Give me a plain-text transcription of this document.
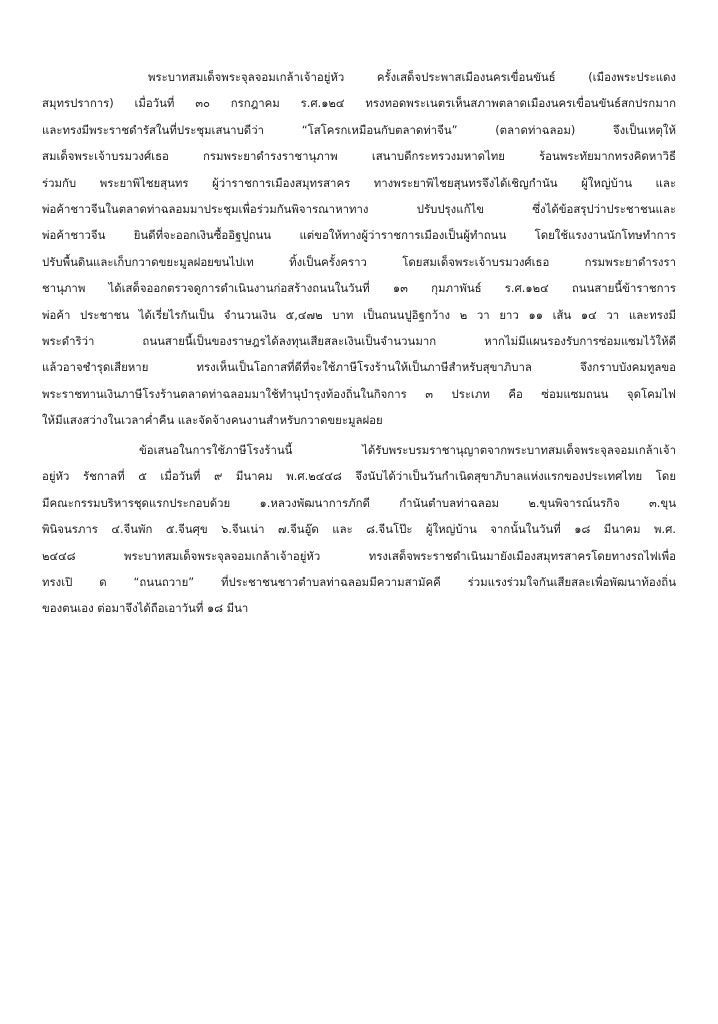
พระบาทสมเด็จพระจุลจอมเกล้าเจ้าอยู่หัว ครั้งเสด็จประพาสเมืองนครเขื่อนขันธ์ (เมืองพระประแดง
สมุทรปราการ) เมื่อวันที่ ๓๐ กรกฎาคม ร.ศ.๑๒๔ ทรงทอดพระเนตรเห็นสภาพตลาดเมืองนครเขื่อนขันธ์สกปรกมาก
และทรงมีพระราชดำรัสในที่ประชุมเสนาบดีว่า “โสโครกเหมือนกับตลาดท่าจีน” (ตลาดท่าฉลอม) จึงเป็นเหตุให้
สมเด็จพระเจ้าบรมวงศ์เธอ กรมพระยาดำรงราชานุภาพ เสนาบดีกระทรวงมหาดไทย ร้อนพระทัยมากทรงคิดหาวิธี
ร่วมกับ พระยาพิไชยสุนทร ผู้ว่าราชการเมืองสมุทรสาคร ทางพระยาพิไชยสุนทรจึงได้เชิญกำนัน ผู้ใหญ่บ้าน และ
พ่อค้าชาวจีนในตลาดท่าฉลอมมาประชุมเพื่อร่วมกันพิจารณาหาทาง ปรับปรุงแก้ไข ซึ่งได้ข้อสรุปว่าประชาชนและ
พ่อค้าชาวจีน ยินดีที่จะออกเงินซื้ออิฐปูถนน แต่ขอให้ทางผู้ว่าราชการเมืองเป็นผู้ทำถนน โดยใช้แรงงานนักโทษทำการ
ปรับพื้นดินและเก็บกวาดขยะมูลฝอยขนไปเท ทิ้งเป็นครั้งคราว โดยสมเด็จพระเจ้าบรมวงศ์เธอ กรมพระยาดำรงรา
ชานุภาพ ได้เสด็จออกตรวจดูการดำเนินงานก่อสร้างถนนในวันที่ ๑๓ กุมภาพันธ์ ร.ศ.๑๒๔ ถนนสายนี้ข้าราชการ
พ่อค้า ประชาชน ได้เรี่ยไรกันเป็น จำนวนเงิน ๕,๔๗๒ บาท เป็นถนนปูอิฐกว้าง ๒ วา ยาว ๑๑ เส้น ๑๔ วา และทรงมี
พระดำริว่า ถนนสายนี้เป็นของราษฎรได้ลงทุนเสียสละเงินเป็นจำนวนมาก หากไม่มีแผนรองรับการซ่อมแซมไว้ให้ดี
แล้วอาจชำรุดเสียหาย ทรงเห็นเป็นโอกาสที่ดีที่จะใช้ภาษีโรงร้านให้เป็นภาษีสำหรับสุขาภิบาล จึงกราบบังคมทูลขอ
พระราชทานเงินภาษีโรงร้านตลาดท่าฉลอมมาใช้ทำนุบำรุงท้องถิ่นในกิจการ ๓ ประเภท คือ ซ่อมแซมถนน จุดโคมไฟ
ให้มีแสงสว่างในเวลาค่ำคืน และจัดจ้างคนงานสำหรับกวาดขยะมูลฝอย
ข้อเสนอในการใช้ภาษีโรงร้านนี้ ได้รับพระบรมราชานุญาตจากพระบาทสมเด็จพระจุลจอมเกล้าเจ้า
อยู่หัว รัชกาลที่ ๕ เมื่อวันที่ ๙ มีนาคม พ.ศ.๒๔๔๘ จึงนับได้ว่าเป็นวันกำเนิดสุขาภิบาลแห่งแรกของประเทศไทย โดย
มีคณะกรรมบริหารชุดแรกประกอบด้วย ๑.หลวงพัฒนาการภักดี กำนันตำบลท่าฉลอม ๒.ขุนพิจารณ์นรกิจ ๓.ขุน
พินิจนรภาร ๔.จีนพัก ๕.จีนศุข ๖.จีนเน่า ๗.จีนอู๊ด และ ๘.จีนโป๊ะ ผู้ใหญ่บ้าน จากนั้นในวันที่ ๑๘ มีนาคม พ.ศ.
๒๔๔๘ พระบาทสมเด็จพระจุลจอมเกล้าเจ้าอยู่หัว ทรงเสด็จพระราชดำเนินมายังเมืองสมุทรสาครโดยทางรถไฟเพื่อ
ทรงเปิ ด “ถนนถวาย” ที่ประชาชนชาวตำบลท่าฉลอมมีความสามัคคี ร่วมแรงร่วมใจกันเสียสละเพื่อพัฒนาท้องถิ่น
ของตนเอง ต่อมาจึงได้ถือเอาวันที่ ๑๘ มีนา
